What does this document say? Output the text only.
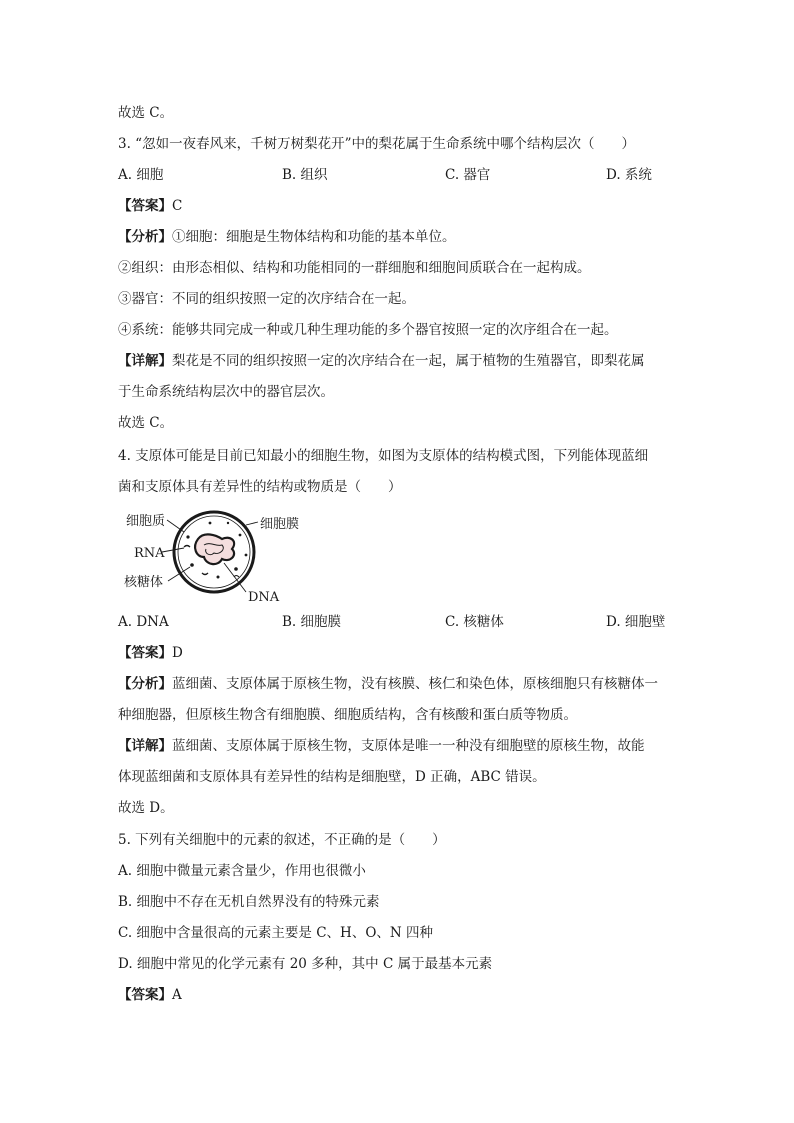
故选 C。
3. “忽如一夜春风来，千树万树梨花开”中的梨花属于生命系统中哪个结构层次（　　）
A. 细胞	B. 组织	C. 器官	D. 系统
【答案】C
【分析】①细胞：细胞是生物体结构和功能的基本单位。
②组织：由形态相似、结构和功能相同的一群细胞和细胞间质联合在一起构成。
③器官：不同的组织按照一定的次序结合在一起。
④系统：能够共同完成一种或几种生理功能的多个器官按照一定的次序组合在一起。
【详解】梨花是不同的组织按照一定的次序结合在一起，属于植物的生殖器官，即梨花属
于生命系统结构层次中的器官层次。
故选 C。
4. 支原体可能是目前已知最小的细胞生物，如图为支原体的结构模式图，下列能体现蓝细
菌和支原体具有差异性的结构或物质是（　　）
细胞质	细胞膜
RNA
核糖体
DNA
A. DNA	B. 细胞膜	C. 核糖体	D. 细胞壁
【答案】D
【分析】蓝细菌、支原体属于原核生物，没有核膜、核仁和染色体，原核细胞只有核糖体一
种细胞器，但原核生物含有细胞膜、细胞质结构，含有核酸和蛋白质等物质。
【详解】蓝细菌、支原体属于原核生物，支原体是唯一一种没有细胞壁的原核生物，故能
体现蓝细菌和支原体具有差异性的结构是细胞壁，D 正确，ABC 错误。
故选 D。
5. 下列有关细胞中的元素的叙述，不正确的是（　　）
A. 细胞中微量元素含量少，作用也很微小
B. 细胞中不存在无机自然界没有的特殊元素
C. 细胞中含量很高的元素主要是 C、H、O、N 四种
D. 细胞中常见的化学元素有 20 多种，其中 C 属于最基本元素
【答案】A
